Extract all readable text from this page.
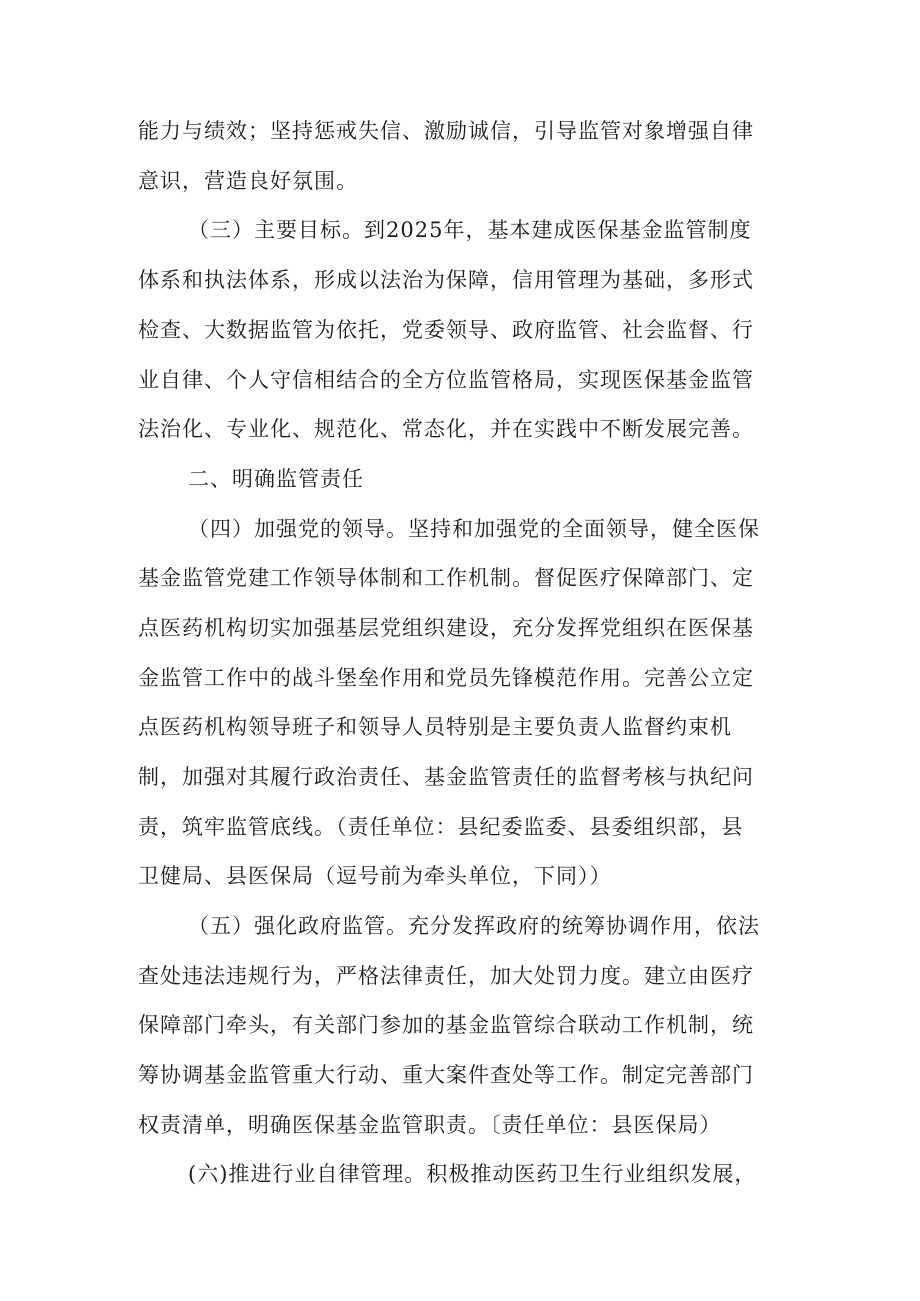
能力与绩效；坚持惩戒失信、激励诚信，引导监管对象增强自律

意识，营造良好氛围。

（三）主要目标。到2025年，基本建成医保基金监管制度

体系和执法体系，形成以法治为保障，信用管理为基础，多形式

检查、大数据监管为依托，党委领导、政府监管、社会监督、行

业自律、个人守信相结合的全方位监管格局，实现医保基金监管

法治化、专业化、规范化、常态化，并在实践中不断发展完善。

二、明确监管责任

（四）加强党的领导。坚持和加强党的全面领导，健全医保

基金监管党建工作领导体制和工作机制。督促医疗保障部门、定

点医药机构切实加强基层党组织建设，充分发挥党组织在医保基

金监管工作中的战斗堡垒作用和党员先锋模范作用。完善公立定

点医药机构领导班子和领导人员特别是主要负责人监督约束机

制，加强对其履行政治责任、基金监管责任的监督考核与执纪问

责，筑牢监管底线。（责任单位：县纪委监委、县委组织部，县

卫健局、县医保局（逗号前为牵头单位，下同））

（五）强化政府监管。充分发挥政府的统筹协调作用，依法

查处违法违规行为，严格法律责任，加大处罚力度。建立由医疗

保障部门牵头，有关部门参加的基金监管综合联动工作机制，统

筹协调基金监管重大行动、重大案件查处等工作。制定完善部门

权责清单，明确医保基金监管职责。〔责任单位：县医保局）

(六)推进行业自律管理。积极推动医药卫生行业组织发展，
